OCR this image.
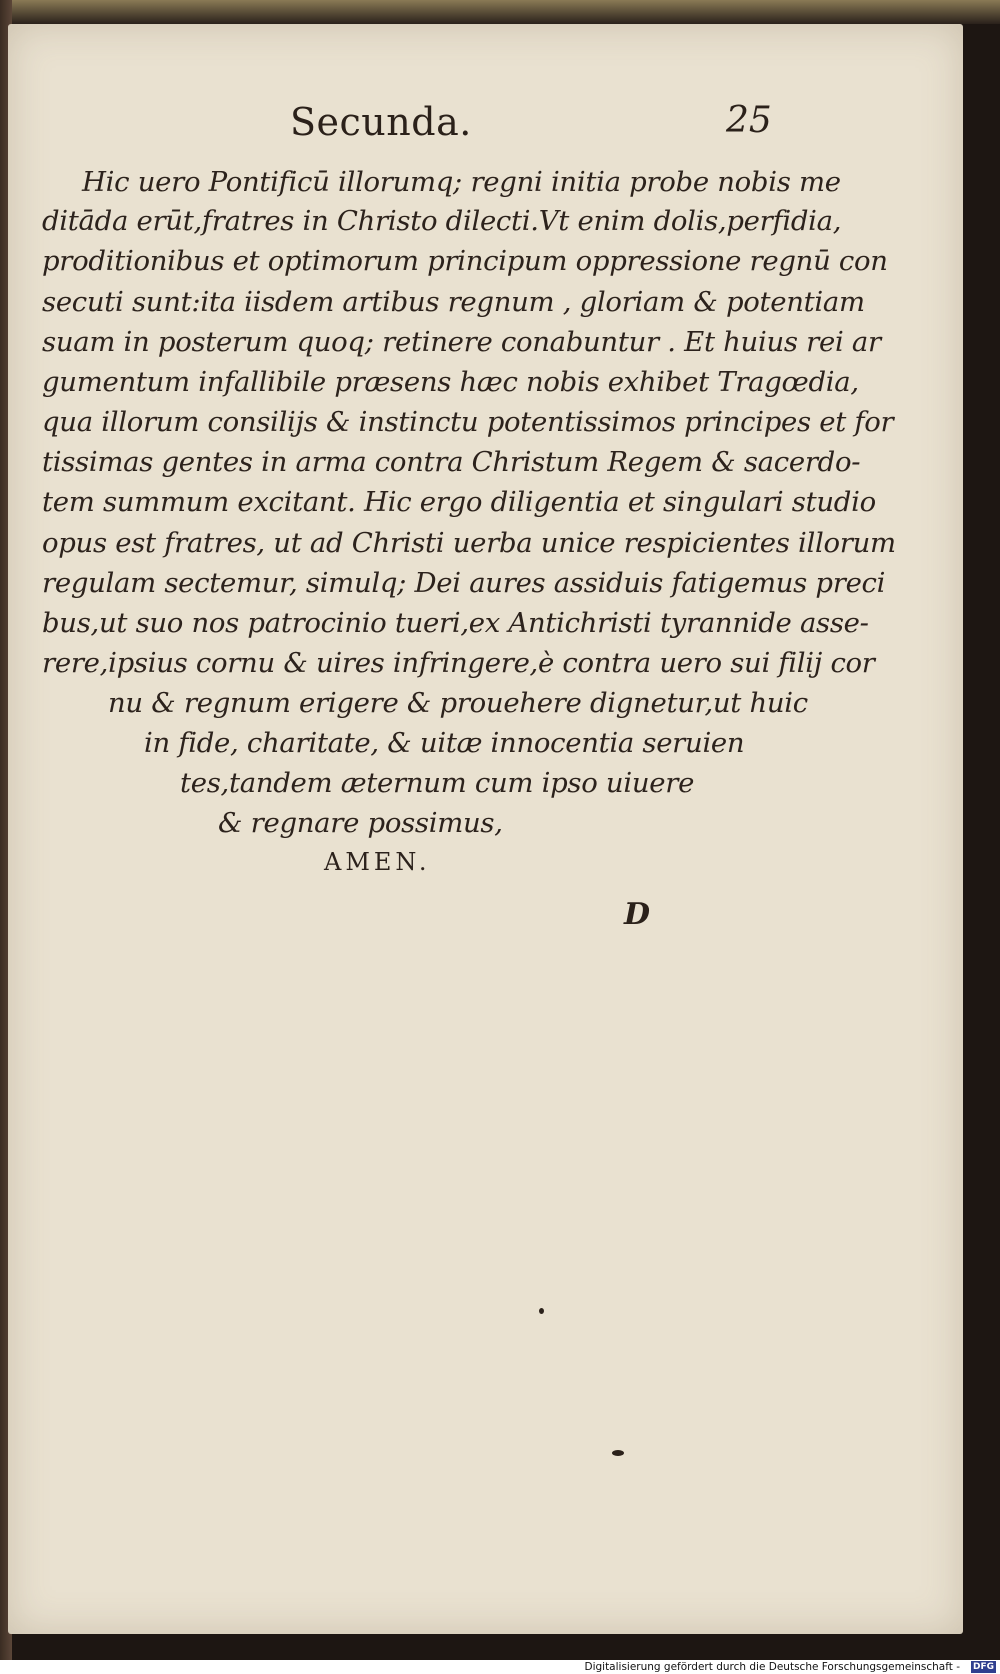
Secunda.	25
Hic uero Pontificū illorumq; regni initia probe nobis me
ditāda erūt,fratres in Christo dilecti.Vt enim dolis,perfidia,
proditionibus et optimorum principum oppressione regnū con
secuti sunt:ita iisdem artibus regnum , gloriam & potentiam
suam in posterum quoq; retinere conabuntur . Et huius rei ar
gumentum infallibile præsens hæc nobis exhibet Tragœdia,
qua illorum consilijs & instinctu potentissimos principes et for
tissimas gentes in arma contra Christum Regem & sacerdo-
tem summum excitant. Hic ergo diligentia et singulari studio
opus est fratres, ut ad Christi uerba unice respicientes illorum
regulam sectemur, simulq; Dei aures assiduis fatigemus preci
bus,ut suo nos patrocinio tueri,ex Antichristi tyrannide asse-
rere,ipsius cornu & uires infringere,è contra uero sui filij cor
nu & regnum erigere & prouehere dignetur,ut huic
in fide, charitate, & uitæ innocentia seruien
tes,tandem æternum cum ipso uiuere
& regnare possimus,
AMEN.
D
Digitalisierung gefördert durch die Deutsche Forschungsgemeinschaft - DFG
